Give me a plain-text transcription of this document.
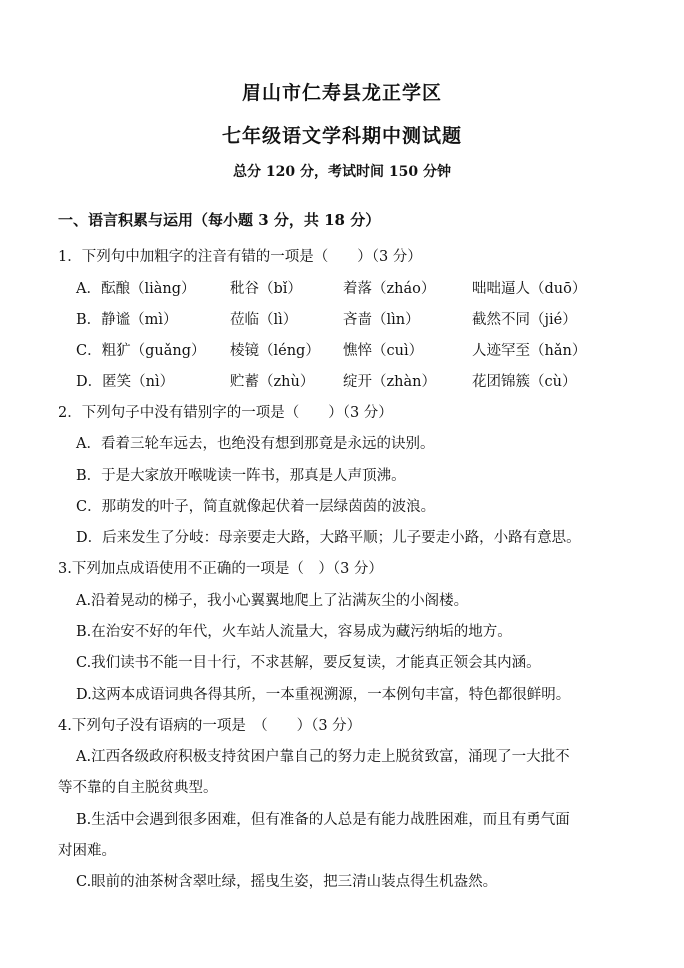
眉山市仁寿县龙正学区
七年级语文学科期中测试题
总分 120 分，考试时间 150 分钟
一、语言积累与运用（每小题 3 分，共 18 分）
1．下列句中加粗字的注音有错的一项是（　　）（3 分）
A．酝酿（liàng） 秕谷（bǐ）	着落（zháo）	咄咄逼人（duō）
B．静谧（mì）	莅临（lì）	吝啬（lìn）	截然不同（jié）
C．粗犷（guǎng） 棱镜（léng） 憔悴（cuì）	人迹罕至（hǎn）
D．匿笑（nì）	贮蓄（zhù） 绽开（zhàn） 花团锦簇（cù）
2．下列句子中没有错别字的一项是（　　）（3 分）
A．看着三轮车远去，也绝没有想到那竟是永远的诀别。
B．于是大家放开喉咙读一阵书，那真是人声顶沸。
C．那萌发的叶子，简直就像起伏着一层绿茵茵的波浪。
D．后来发生了分岐：母亲要走大路，大路平顺；儿子要走小路，小路有意思。
3.下列加点成语使用不正确的一项是（　）（3 分）
A.沿着晃动的梯子，我小心翼翼地爬上了沾满灰尘的小阁楼。
B.在治安不好的年代，火车站人流量大，容易成为藏污纳垢的地方。
C.我们读书不能一目十行，不求甚解，要反复读，才能真正领会其内涵。
D.这两本成语词典各得其所，一本重视溯源，一本例句丰富，特色都很鲜明。
4.下列句子没有语病的一项是　（　　）（3 分）
A.江西各级政府积极支持贫困户靠自己的努力走上脱贫致富，涌现了一大批不
等不靠的自主脱贫典型。
B.生活中会遇到很多困难，但有准备的人总是有能力战胜困难，而且有勇气面
对困难。
C.眼前的油茶树含翠吐绿，摇曳生姿，把三清山装点得生机盎然。
